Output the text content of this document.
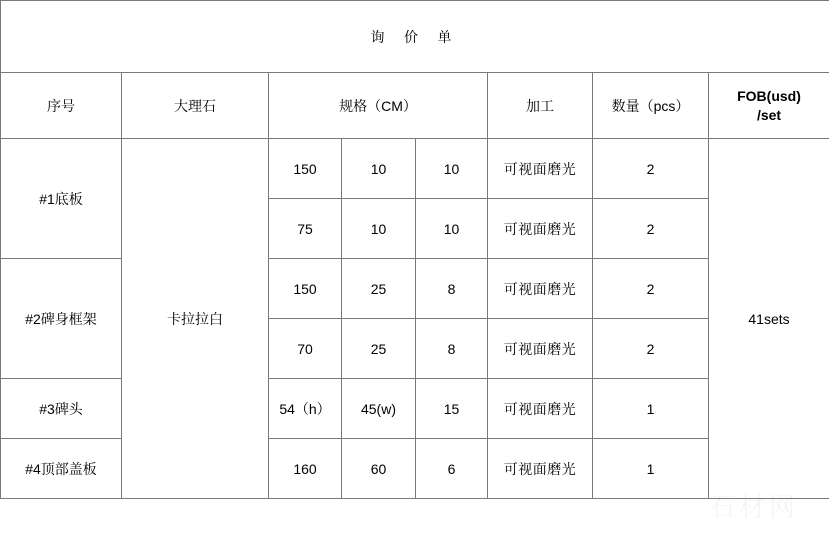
询 价 单							
序号	大理石	规格（CM）			加工	数量（pcs）	FOB(usd)
/set

#1底板	卡拉拉白	150	10	10	可视面磨光	2	41sets
		75	10	10	可视面磨光	2	
#2碑身框架		150	25	8	可视面磨光	2	
		70	25	8	可视面磨光	2	
#3碑头		54（h）	45(w)	15	可视面磨光	1	
#4顶部盖板		160	60	6	可视面磨光	1	
